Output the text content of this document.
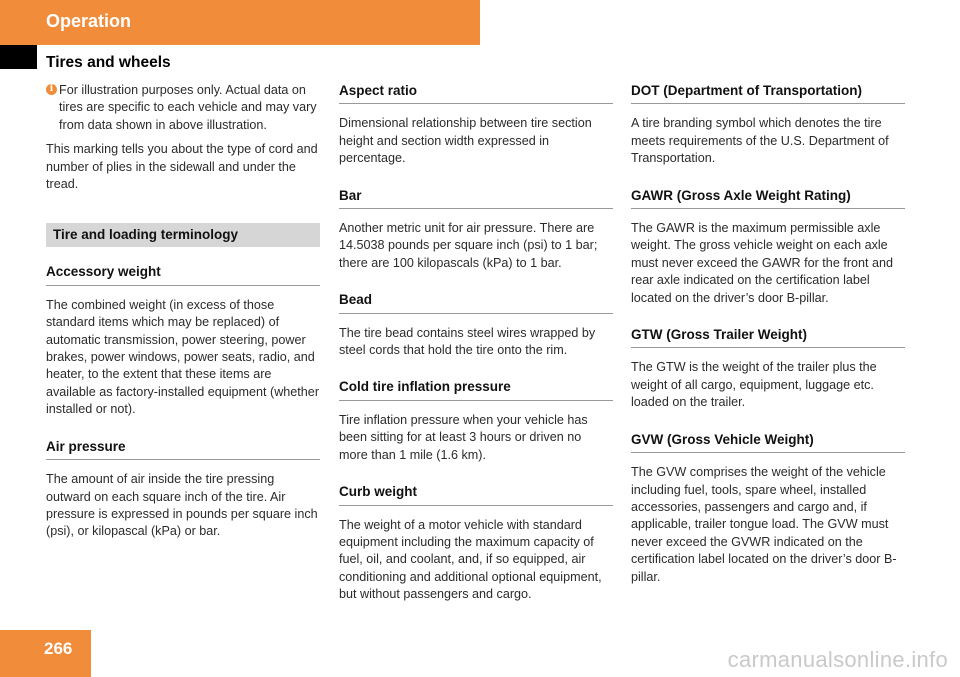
Operation
Tires and wheels
i For illustration purposes only. Actual data on tires are specific to each vehicle and may vary from data shown in above illustration.

This marking tells you about the type of cord and number of plies in the sidewall and under the tread.

Tire and loading terminology
Accessory weight

The combined weight (in excess of those standard items which may be replaced) of automatic transmission, power steering, power brakes, power windows, power seats, radio, and heater, to the extent that these items are available as factory-installed equipment (whether installed or not).

Air pressure

The amount of air inside the tire pressing outward on each square inch of the tire. Air pressure is expressed in pounds per square inch (psi), or kilopascal (kPa) or bar.

Aspect ratio

Dimensional relationship between tire section height and section width expressed in percentage.

Bar

Another metric unit for air pressure. There are 14.5038 pounds per square inch (psi) to 1 bar; there are 100 kilopascals (kPa) to 1 bar.

Bead

The tire bead contains steel wires wrapped by steel cords that hold the tire onto the rim.

Cold tire inflation pressure

Tire inflation pressure when your vehicle has been sitting for at least 3 hours or driven no more than 1 mile (1.6 km).

Curb weight

The weight of a motor vehicle with standard equipment including the maximum capacity of fuel, oil, and coolant, and, if so equipped, air conditioning and additional optional equipment, but without passengers and cargo.

DOT (Department of Transportation)

A tire branding symbol which denotes the tire meets requirements of the U.S. Department of Transportation.

GAWR (Gross Axle Weight Rating)

The GAWR is the maximum permissible axle weight. The gross vehicle weight on each axle must never exceed the GAWR for the front and rear axle indicated on the certification label located on the driver’s door B-pillar.

GTW (Gross Trailer Weight)

The GTW is the weight of the trailer plus the weight of all cargo, equipment, luggage etc. loaded on the trailer.

GVW (Gross Vehicle Weight)

The GVW comprises the weight of the vehicle including fuel, tools, spare wheel, installed accessories, passengers and cargo and, if applicable, trailer tongue load. The GVW must never exceed the GVWR indicated on the certification label located on the driver’s door B-pillar.

266	carmanualsonline.info
